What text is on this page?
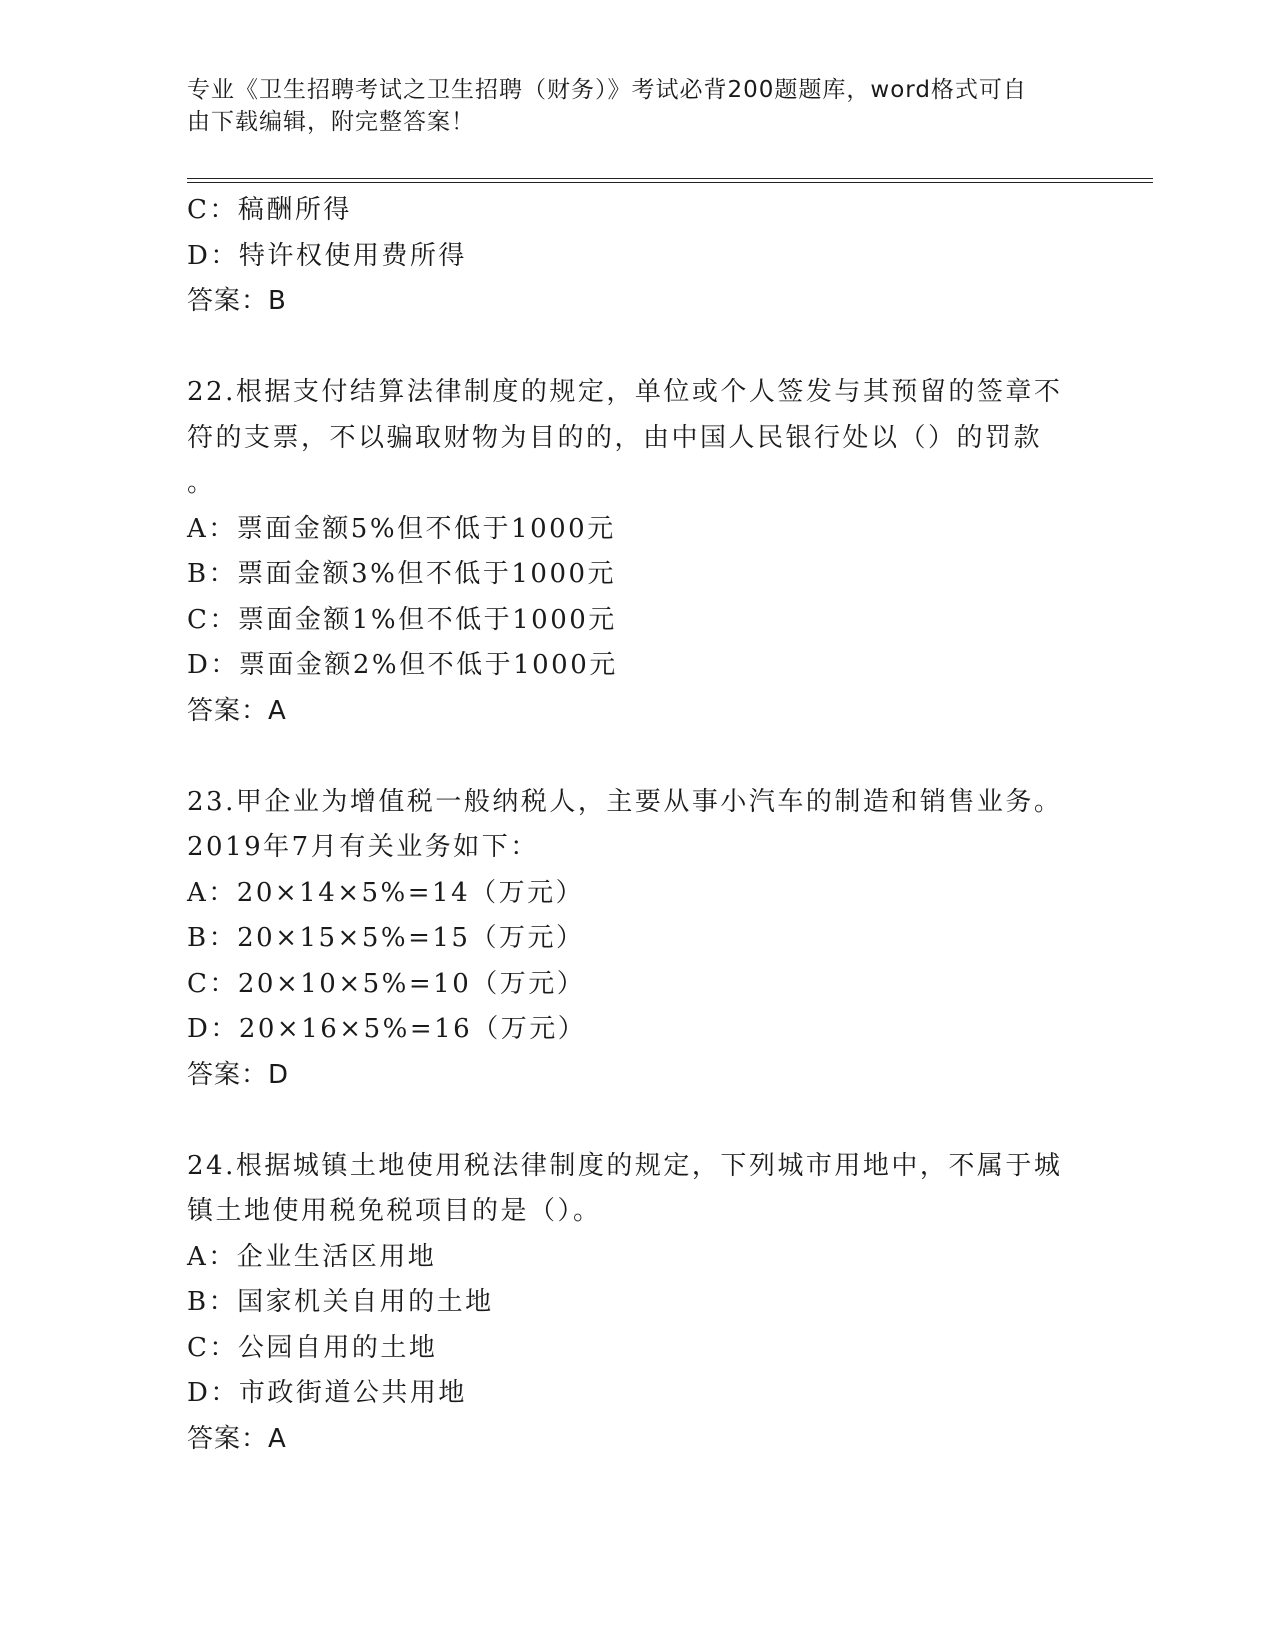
专业《卫生招聘考试之卫生招聘（财务）》考试必背200题题库，word格式可自
由下载编辑，附完整答案！
C：稿酬所得
D：特许权使用费所得
答案：B
22.根据支付结算法律制度的规定，单位或个人签发与其预留的签章不
符的支票，不以骗取财物为目的的，由中国人民银行处以（）的罚款
。
A：票面金额5%但不低于1000元
B：票面金额3%但不低于1000元
C：票面金额1%但不低于1000元
D：票面金额2%但不低于1000元
答案：A
23.甲企业为增值税一般纳税人，主要从事小汽车的制造和销售业务。
2019年7月有关业务如下：
A：20×14×5%=14（万元）
B：20×15×5%=15（万元）
C：20×10×5%=10（万元）
D：20×16×5%=16（万元）
答案：D
24.根据城镇土地使用税法律制度的规定，下列城市用地中，不属于城
镇土地使用税免税项目的是（）。
A：企业生活区用地
B：国家机关自用的土地
C：公园自用的土地
D：市政街道公共用地
答案：A
